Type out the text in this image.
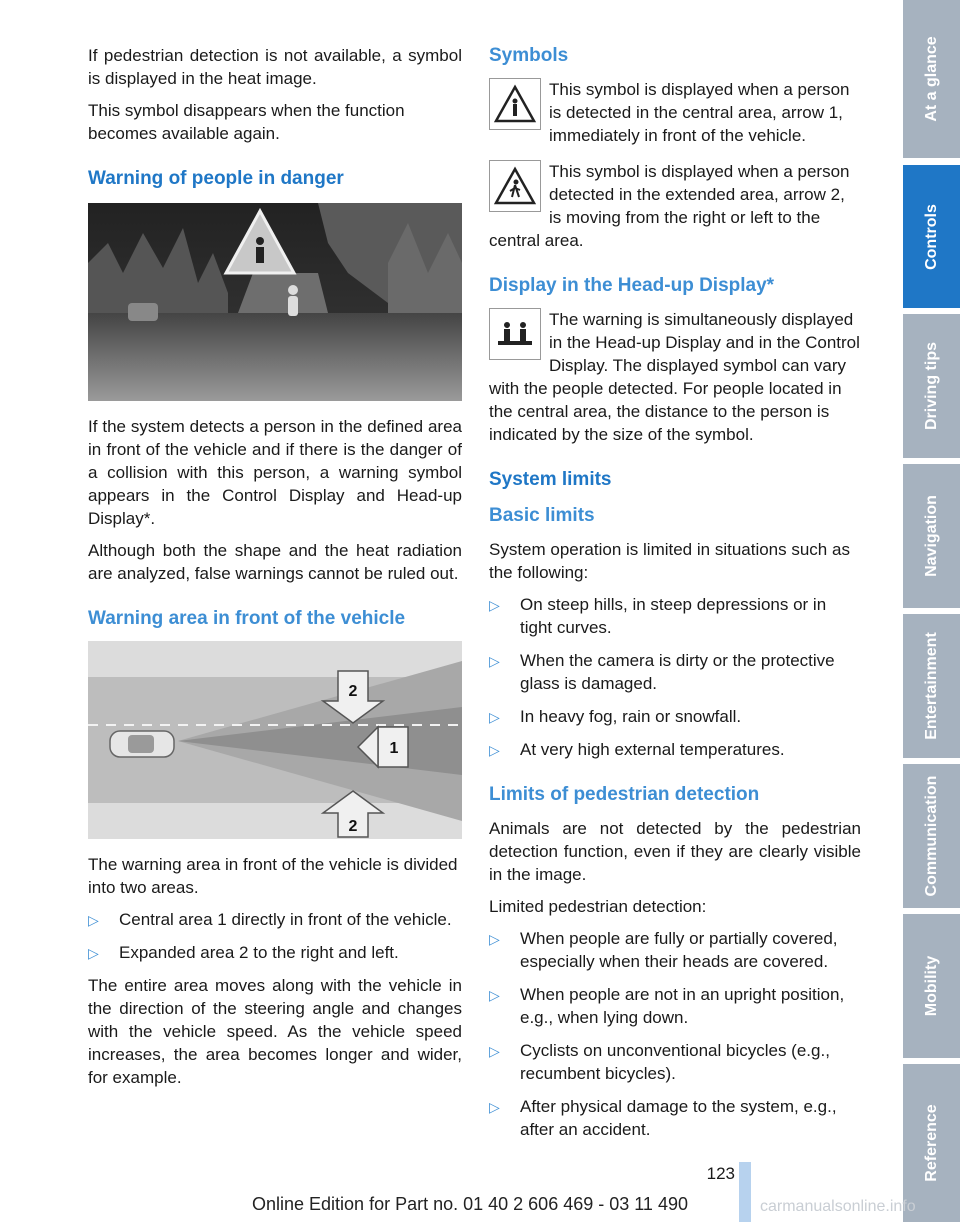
If pedestrian detection is not available, a symbol is displayed in the heat image.

This symbol disappears when the function becomes available again.

Warning of people in danger

If the system detects a person in the defined area in front of the vehicle and if there is the danger of a collision with this person, a warning symbol appears in the Control Display and Head-up Display*.

Although both the shape and the heat radiation are analyzed, false warnings cannot be ruled out.

Warning area in front of the vehicle
2
1
2

The warning area in front of the vehicle is divided into two areas.

▷ Central area 1 directly in front of the vehicle.
▷ Expanded area 2 to the right and left.

The entire area moves along with the vehicle in the direction of the steering angle and changes with the vehicle speed. As the vehicle speed increases, the area becomes longer and wider, for example.

Symbols
This symbol is displayed when a person is detected in the central area, arrow 1, immediately in front of the vehicle.
This symbol is displayed when a person detected in the extended area, arrow 2, is moving from the right or left to the central area.
Display in the Head-up Display*
The warning is simultaneously displayed in the Head-up Display and in the Control Display. The displayed symbol can vary with the people detected. For people located in the central area, the distance to the person is indicated by the size of the symbol.
System limits
Basic limits

System operation is limited in situations such as the following:

▷ On steep hills, in steep depressions or in tight curves.
▷ When the camera is dirty or the protective glass is damaged.
▷ In heavy fog, rain or snowfall.
▷ At very high external temperatures.
Limits of pedestrian detection

Animals are not detected by the pedestrian detection function, even if they are clearly visible in the image.

Limited pedestrian detection:

▷ When people are fully or partially covered, especially when their heads are covered.
▷ When people are not in an upright position, e.g., when lying down.
▷ Cyclists on unconventional bicycles (e.g., recumbent bicycles).
▷ After physical damage to the system, e.g., after an accident.
At a glance
Controls
Driving tips
Navigation
Entertainment
Communication
Mobility
Reference
123
Online Edition for Part no. 01 40 2 606 469 - 03 11 490	carmanualsonline.info
